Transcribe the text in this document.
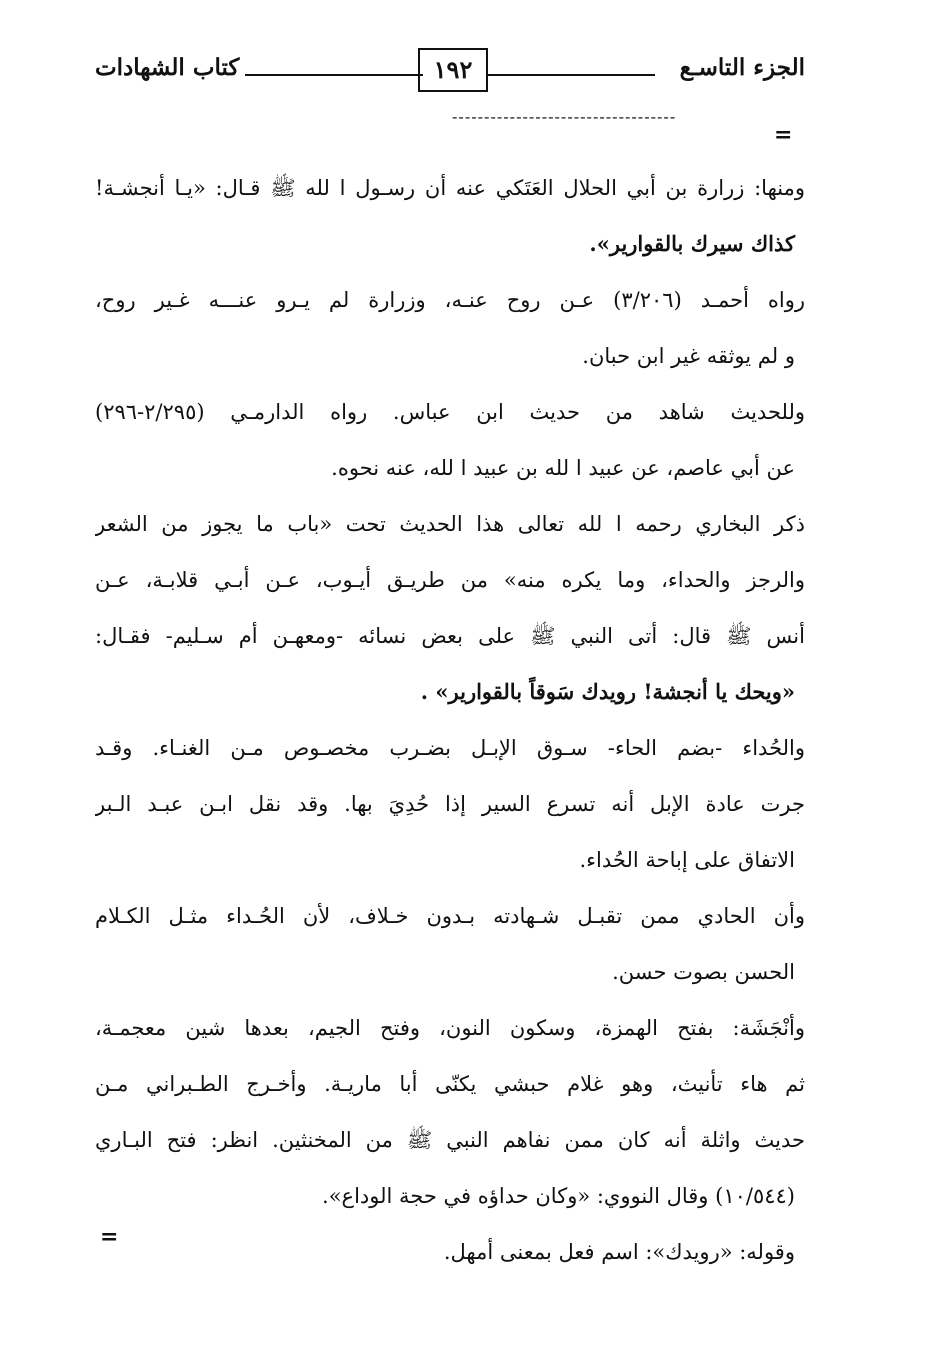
الجزء التاسـع
١٩٢
كتاب الشهادات
-----------------------------------
=
ومنها: زرارة بن أبي الحلال العَتَكي عنه أن رسـول ا لله ﷺ قـال: «يـا أنجشـة!
كذاك سيرك بالقوارير».
رواه أحمـد (٣/٢٠٦) عـن روح عنـه، وزرارة لم يـرو عنـــه غـير روح،
و لم يوثقه غير ابن حبان.
وللحديث شاهد من حديث ابن عباس. رواه الدارمـي (٢/٢٩٥-٢٩٦)
عن أبي عاصم، عن عبيد ا لله بن عبيد ا لله، عنه نحوه.
ذكر البخاري رحمه ا لله تعالى هذا الحديث تحت «باب ما يجوز من الشعر
والرجز والحداء، وما يكره منه» من طريـق أيـوب، عـن أبـي قلابـة، عـن
أنس ﷺ قال: أتى النبي ﷺ على بعض نسائه -ومعهـن أم سـليم- فقـال:
«ويحك يا أنجشة! رويدك سَوقاً بالقوارير» .
والحُداء -بضم الحاء- سـوق الإبـل بضـرب مخصـوص مـن الغنـاء. وقـد
جرت عادة الإبل أنه تسرع السير إذا حُدِيَ بها. وقد نقل ابـن عبـد الـبر
الاتفاق على إباحة الحُداء.
وأن الحادي ممن تقبـل شـهادته بـدون خـلاف، لأن الحُـداء مثـل الكـلام
الحسن بصوت حسن.
وأنْجَشَة: بفتح الهمزة، وسكون النون، وفتح الجيم، بعدها شين معجمـة،
ثم هاء تأنيث، وهو غلام حبشي يكنّى أبا ماريـة. وأخـرج الطـبراني مـن
حديث واثلة أنه كان ممن نفاهم النبي ﷺ من المخنثين. انظر: فتح البـاري
(١٠/٥٤٤) وقال النووي: «وكان حداؤه في حجة الوداع».
وقوله: «رويدك»: اسم فعل بمعنى أمهل.
=
